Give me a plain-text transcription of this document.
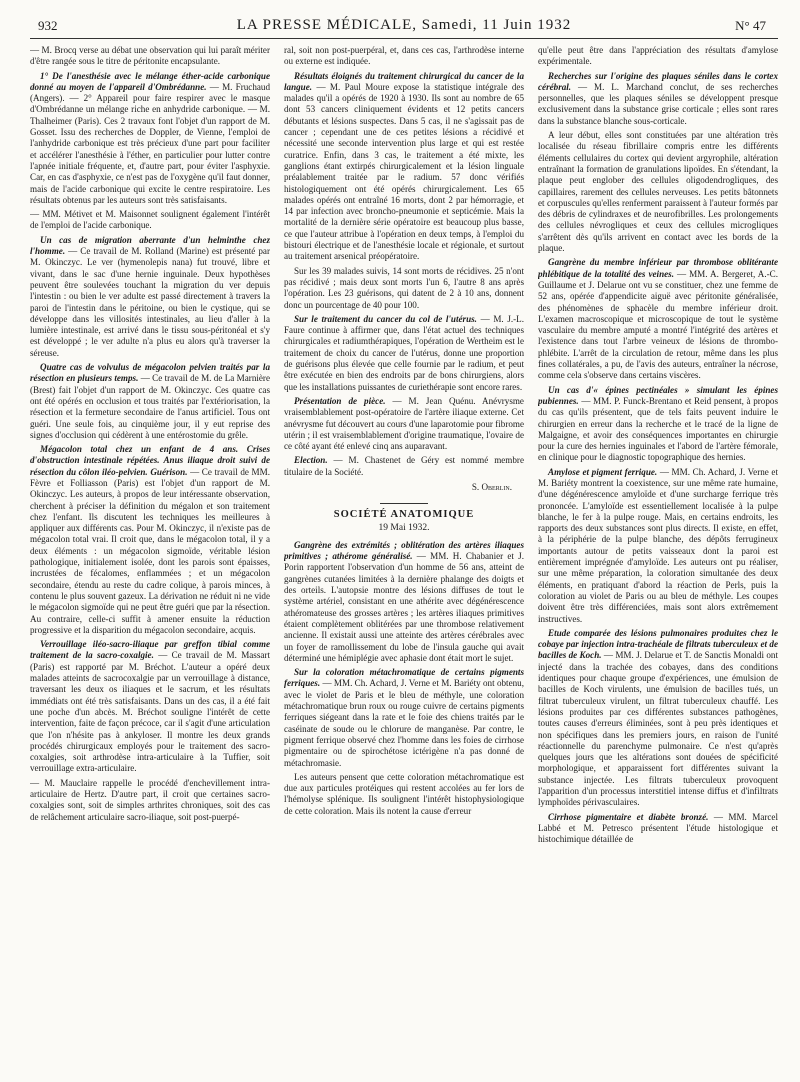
932	LA PRESSE MÉDICALE, Samedi, 11 Juin 1932	N° 47

— M. Brocq verse au débat une observation qui lui paraît mériter d'être rangée sous le titre de péritonite encapsulante.

1° De l'anesthésie avec le mélange éther-acide carbonique donné au moyen de l'appareil d'Ombrédanne. — M. Fruchaud (Angers). — 2° Appareil pour faire respirer avec le masque d'Ombrédanne un mélange riche en anhydride carbonique. — M. Thalheimer (Paris). Ces 2 travaux font l'objet d'un rapport de M. Gosset. Issu des recherches de Doppler, de Vienne, l'emploi de l'anhydride carbonique est très précieux d'une part pour faciliter et accélérer l'anesthésie à l'éther, en particulier pour lutter contre l'apnée initiale fréquente, et, d'autre part, pour éviter l'asphyxie. Car, en cas d'asphyxie, ce n'est pas de l'oxygène qu'il faut donner, mais de l'acide carbonique qui excite le centre respiratoire. Les résultats obtenus par les auteurs sont très satisfaisants.

— MM. Métivet et M. Maisonnet soulignent également l'intérêt de l'emploi de l'acide carbonique.

Un cas de migration aberrante d'un helminthe chez l'homme. — Ce travail de M. Rolland (Marine) est présenté par M. Okinczyc. Le ver (hymenolepis nana) fut trouvé, libre et vivant, dans le sac d'une hernie inguinale. Deux hypothèses peuvent être soulevées touchant la migration du ver depuis l'intestin : ou bien le ver adulte est passé directement à travers la paroi de l'intestin dans le péritoine, ou bien le cystique, qui se développe dans les villosités intestinales, au lieu d'aller à la lumière intestinale, est arrivé dans le tissu sous-péritonéal et s'y est développé ; le ver adulte n'a plus eu alors qu'à traverser la séreuse.

Quatre cas de volvulus de mégacolon pelvien traités par la résection en plusieurs temps. — Ce travail de M. de La Marnière (Brest) fait l'objet d'un rapport de M. Okinczyc. Ces quatre cas ont été opérés en occlusion et tous traités par l'extériorisation, la résection et la fermeture secondaire de l'anus artificiel. Tous ont guéri. Une seule fois, au cinquième jour, il y eut reprise des signes d'occlusion qui cédèrent à une entérostomie du grêle.

Mégacolon total chez un enfant de 4 ans. Crises d'obstruction intestinale répétées. Anus iliaque droit suivi de résection du côlon iléo-pelvien. Guérison. — Ce travail de MM. Fèvre et Folliasson (Paris) est l'objet d'un rapport de M. Okinczyc. Les auteurs, à propos de leur intéressante observation, cherchent à préciser la définition du mégalon et son traitement chez l'enfant. Ils discutent les techniques les meilleures à appliquer aux différents cas. Pour M. Okinczyc, il n'existe pas de mégacolon total vrai. Il croit que, dans le mégacolon total, il y a deux éléments : un mégacolon sigmoïde, véritable lésion pathologique, initialement isolée, dont les parois sont épaisses, incrustées de fécalomes, enflammées ; et un mégacolon secondaire, étendu au reste du cadre colique, à parois minces, à contenu le plus souvent gazeux. La dérivation ne réduit ni ne vide le mégacolon sigmoïde qui ne peut être guéri que par la résection. Au contraire, celle-ci suffit à amener ensuite la réduction progressive et la disparition du mégacolon secondaire, acquis.

Verrouillage iléo-sacro-iliaque par greffon tibial comme traitement de la sacro-coxalgie. — Ce travail de M. Massart (Paris) est rapporté par M. Bréchot. L'auteur a opéré deux malades atteints de sacrocoxalgie par un verrouillage à distance, traversant les deux os iliaques et le sacrum, et les résultats immédiats ont été très satisfaisants. Dans un des cas, il a été fait une poche d'un abcès. M. Bréchot souligne l'intérêt de cette intervention, faite de façon précoce, car il s'agit d'une articulation que l'on n'hésite pas à ankyloser. Il montre les deux grands procédés chirurgicaux employés pour le traitement des sacro-coxalgies, soit arthrodèse intra-articulaire à la Tuffier, soit verrouillage extra-articulaire.

— M. Mauclaire rappelle le procédé d'enchevillement intra-articulaire de Hertz. D'autre part, il croit que certaines sacro-coxalgies sont, soit de simples arthrites chroniques, soit des cas de relâchement articulaire sacro-iliaque, soit post-puerpé-

ral, soit non post-puerpéral, et, dans ces cas, l'arthrodèse interne ou externe est indiquée.

Résultats éloignés du traitement chirurgical du cancer de la langue. — M. Paul Moure expose la statistique intégrale des malades qu'il a opérés de 1920 à 1930. Ils sont au nombre de 65 dont 53 cancers cliniquement évidents et 12 petits cancers débutants et lésions suspectes. Dans 5 cas, il ne s'agissait pas de cancer ; cependant une de ces petites lésions a récidivé et nécessité une seconde intervention plus large et qui est restée curatrice. Enfin, dans 3 cas, le traitement a été mixte, les ganglions étant extirpés chirurgicalement et la lésion linguale préalablement traitée par le radium. 57 donc vérifiés histologiquement ont été opérés chirurgicalement. Les 65 malades opérés ont entraîné 16 morts, dont 2 par hémorragie, et 14 par infection avec broncho-pneumonie et septicémie. Mais la mortalité de la dernière série opératoire est beaucoup plus basse, ce que l'auteur attribue à l'opération en deux temps, à l'emploi du bistouri électrique et de l'anesthésie locale et régionale, et surtout au traitement arsenical préopératoire.

Sur les 39 malades suivis, 14 sont morts de récidives. 25 n'ont pas récidivé ; mais deux sont morts l'un 6, l'autre 8 ans après l'opération. Les 23 guérisons, qui datent de 2 à 10 ans, donnent donc un pourcentage de 40 pour 100.

Sur le traitement du cancer du col de l'utérus. — M. J.-L. Faure continue à affirmer que, dans l'état actuel des techniques chirurgicales et radiumthérapiques, l'opération de Wertheim est le traitement de choix du cancer de l'utérus, donne une proportion de guérisons plus élevée que celle fournie par le radium, et peut être exécutée en bien des endroits par de bons chirurgiens, alors que les installations puissantes de curiethérapie sont encore rares.

Présentation de pièce. — M. Jean Quénu. Anévrysme vraisemblablement post-opératoire de l'artère iliaque externe. Cet anévrysme fut découvert au cours d'une laparotomie pour fibrome utérin ; il est vraisemblablement d'origine traumatique, l'ovaire de ce côté ayant été enlevé cinq ans auparavant.

Election. — M. Chastenet de Géry est nommé membre titulaire de la Société.

S. Oberlin.
SOCIÉTÉ ANATOMIQUE
19 Mai 1932.

Gangrène des extrémités ; oblitération des artères iliaques primitives ; athérome généralisé. — MM. H. Chabanier et J. Porin rapportent l'observation d'un homme de 56 ans, atteint de gangrènes cutanées limitées à la dernière phalange des doigts et des orteils. L'autopsie montre des lésions diffuses de tout le système artériel, consistant en une athérite avec dégénérescence athéromateuse des grosses artères ; les artères iliaques primitives étaient complètement oblitérées par une thrombose relativement ancienne. Il existait aussi une atteinte des artères cérébrales avec un foyer de ramollissement du lobe de l'insula gauche qui avait déterminé une hémiplégie avec aphasie dont était mort le sujet.

Sur la coloration métachromatique de certains pigments ferriques. — MM. Ch. Achard, J. Verne et M. Bariéty ont obtenu, avec le violet de Paris et le bleu de méthyle, une coloration métachromatique brun roux ou rouge cuivre de certains pigments ferriques siégeant dans la rate et le foie des chiens traités par le caséinate de soude ou le chlorure de manganèse. Par contre, le pigment ferrique observé chez l'homme dans les foies de cirrhose pigmentaire ou de spirochétose ictérigène n'a pas donné de métachromasie.

Les auteurs pensent que cette coloration métachromatique est due aux particules protéiques qui restent accolées au fer lors de l'hémolyse splénique. Ils soulignent l'intérêt histophysiologique de cette coloration. Mais ils notent la cause d'erreur

qu'elle peut être dans l'appréciation des résultats d'amylose expérimentale.

Recherches sur l'origine des plaques séniles dans le cortex cérébral. — M. L. Marchand conclut, de ses recherches personnelles, que les plaques séniles se développent presque exclusivement dans la substance grise corticale ; elles sont rares dans la substance blanche sous-corticale.

A leur début, elles sont constituées par une altération très localisée du réseau fibrillaire compris entre les différents éléments cellulaires du cortex qui devient argyrophile, altération entraînant la formation de granulations lipoïdes. En s'étendant, la plaque peut englober des cellules oligodendrogliques, des capillaires, rarement des cellules nerveuses. Les petits bâtonnets et corpuscules qu'elles renferment paraissent à l'auteur formés par des débris de cylindraxes et de neurofibrilles. Les prolongements des cellules névrogliques et ceux des cellules microgliques s'arrêtent dès qu'ils arrivent en contact avec les bords de la plaque.

Gangrène du membre inférieur par thrombose oblitérante phlébitique de la totalité des veines. — MM. A. Bergeret, A.-C. Guillaume et J. Delarue ont vu se constituer, chez une femme de 52 ans, opérée d'appendicite aiguë avec péritonite généralisée, des phénomènes de sphacèle du membre inférieur droit. L'examen macroscopique et microscopique de tout le système vasculaire du membre amputé a montré l'intégrité des artères et l'existence dans tout l'arbre veineux de lésions de thrombo-phlébite. L'arrêt de la circulation de retour, même dans les plus fines collatérales, a pu, de l'avis des auteurs, entraîner la nécrose, comme cela s'observe dans certains viscères.

Un cas d'« épines pectinéales » simulant les épines pubiennes. — MM. P. Funck-Brentano et Reid pensent, à propos du cas qu'ils présentent, que de tels faits peuvent induire le chirurgien en erreur dans la recherche et le tracé de la ligne de Malgaigne, et avoir des conséquences importantes en chirurgie pour la cure des hernies inguinales et l'abord de l'artère fémorale, en clinique pour le diagnostic topographique des hernies.

Amylose et pigment ferrique. — MM. Ch. Achard, J. Verne et M. Bariéty montrent la coexistence, sur une même rate humaine, d'une dégénérescence amyloïde et d'une surcharge ferrique très prononcée. L'amyloïde est essentiellement localisée à la pulpe blanche, le fer à la pulpe rouge. Mais, en certains endroits, les rapports des deux substances sont plus directs. Il existe, en effet, à la périphérie de la pulpe blanche, des dépôts ferrugineux importants autour de petits vaisseaux dont la paroi est entièrement imprégnée d'amyloïde. Les auteurs ont pu réaliser, sur une même préparation, la coloration simultanée des deux éléments, en pratiquant d'abord la réaction de Perls, puis la coloration au violet de Paris ou au bleu de méthyle. Les coupes doivent être très différenciées, mais sont alors extrêmement instructives.

Etude comparée des lésions pulmonaires produites chez le cobaye par injection intra-trachéale de filtrats tuberculeux et de bacilles de Koch. — MM. J. Delarue et T. de Sanctis Monaldi ont injecté dans la trachée des cobayes, dans des conditions identiques pour chaque groupe d'expériences, une émulsion de bacilles de Koch virulents, une émulsion de bacilles tués, un filtrat tuberculeux virulent, un filtrat tuberculeux chauffé. Les lésions produites par ces différentes substances pathogènes, toutes causes d'erreurs éliminées, sont à peu près identiques et non spécifiques dans les premiers jours, en raison de l'unité réactionnelle du parenchyme pulmonaire. Ce n'est qu'après quelques jours que les altérations sont douées de spécificité morphologique, et apparaissent fort différentes suivant la substance injectée. Les filtrats tuberculeux provoquent l'apparition d'un processus interstitiel intense diffus et d'infiltrats lymphoïdes périvasculaires.

Cirrhose pigmentaire et diabète bronzé. — MM. Marcel Labbé et M. Petresco présentent l'étude histologique et histochimique détaillée de
